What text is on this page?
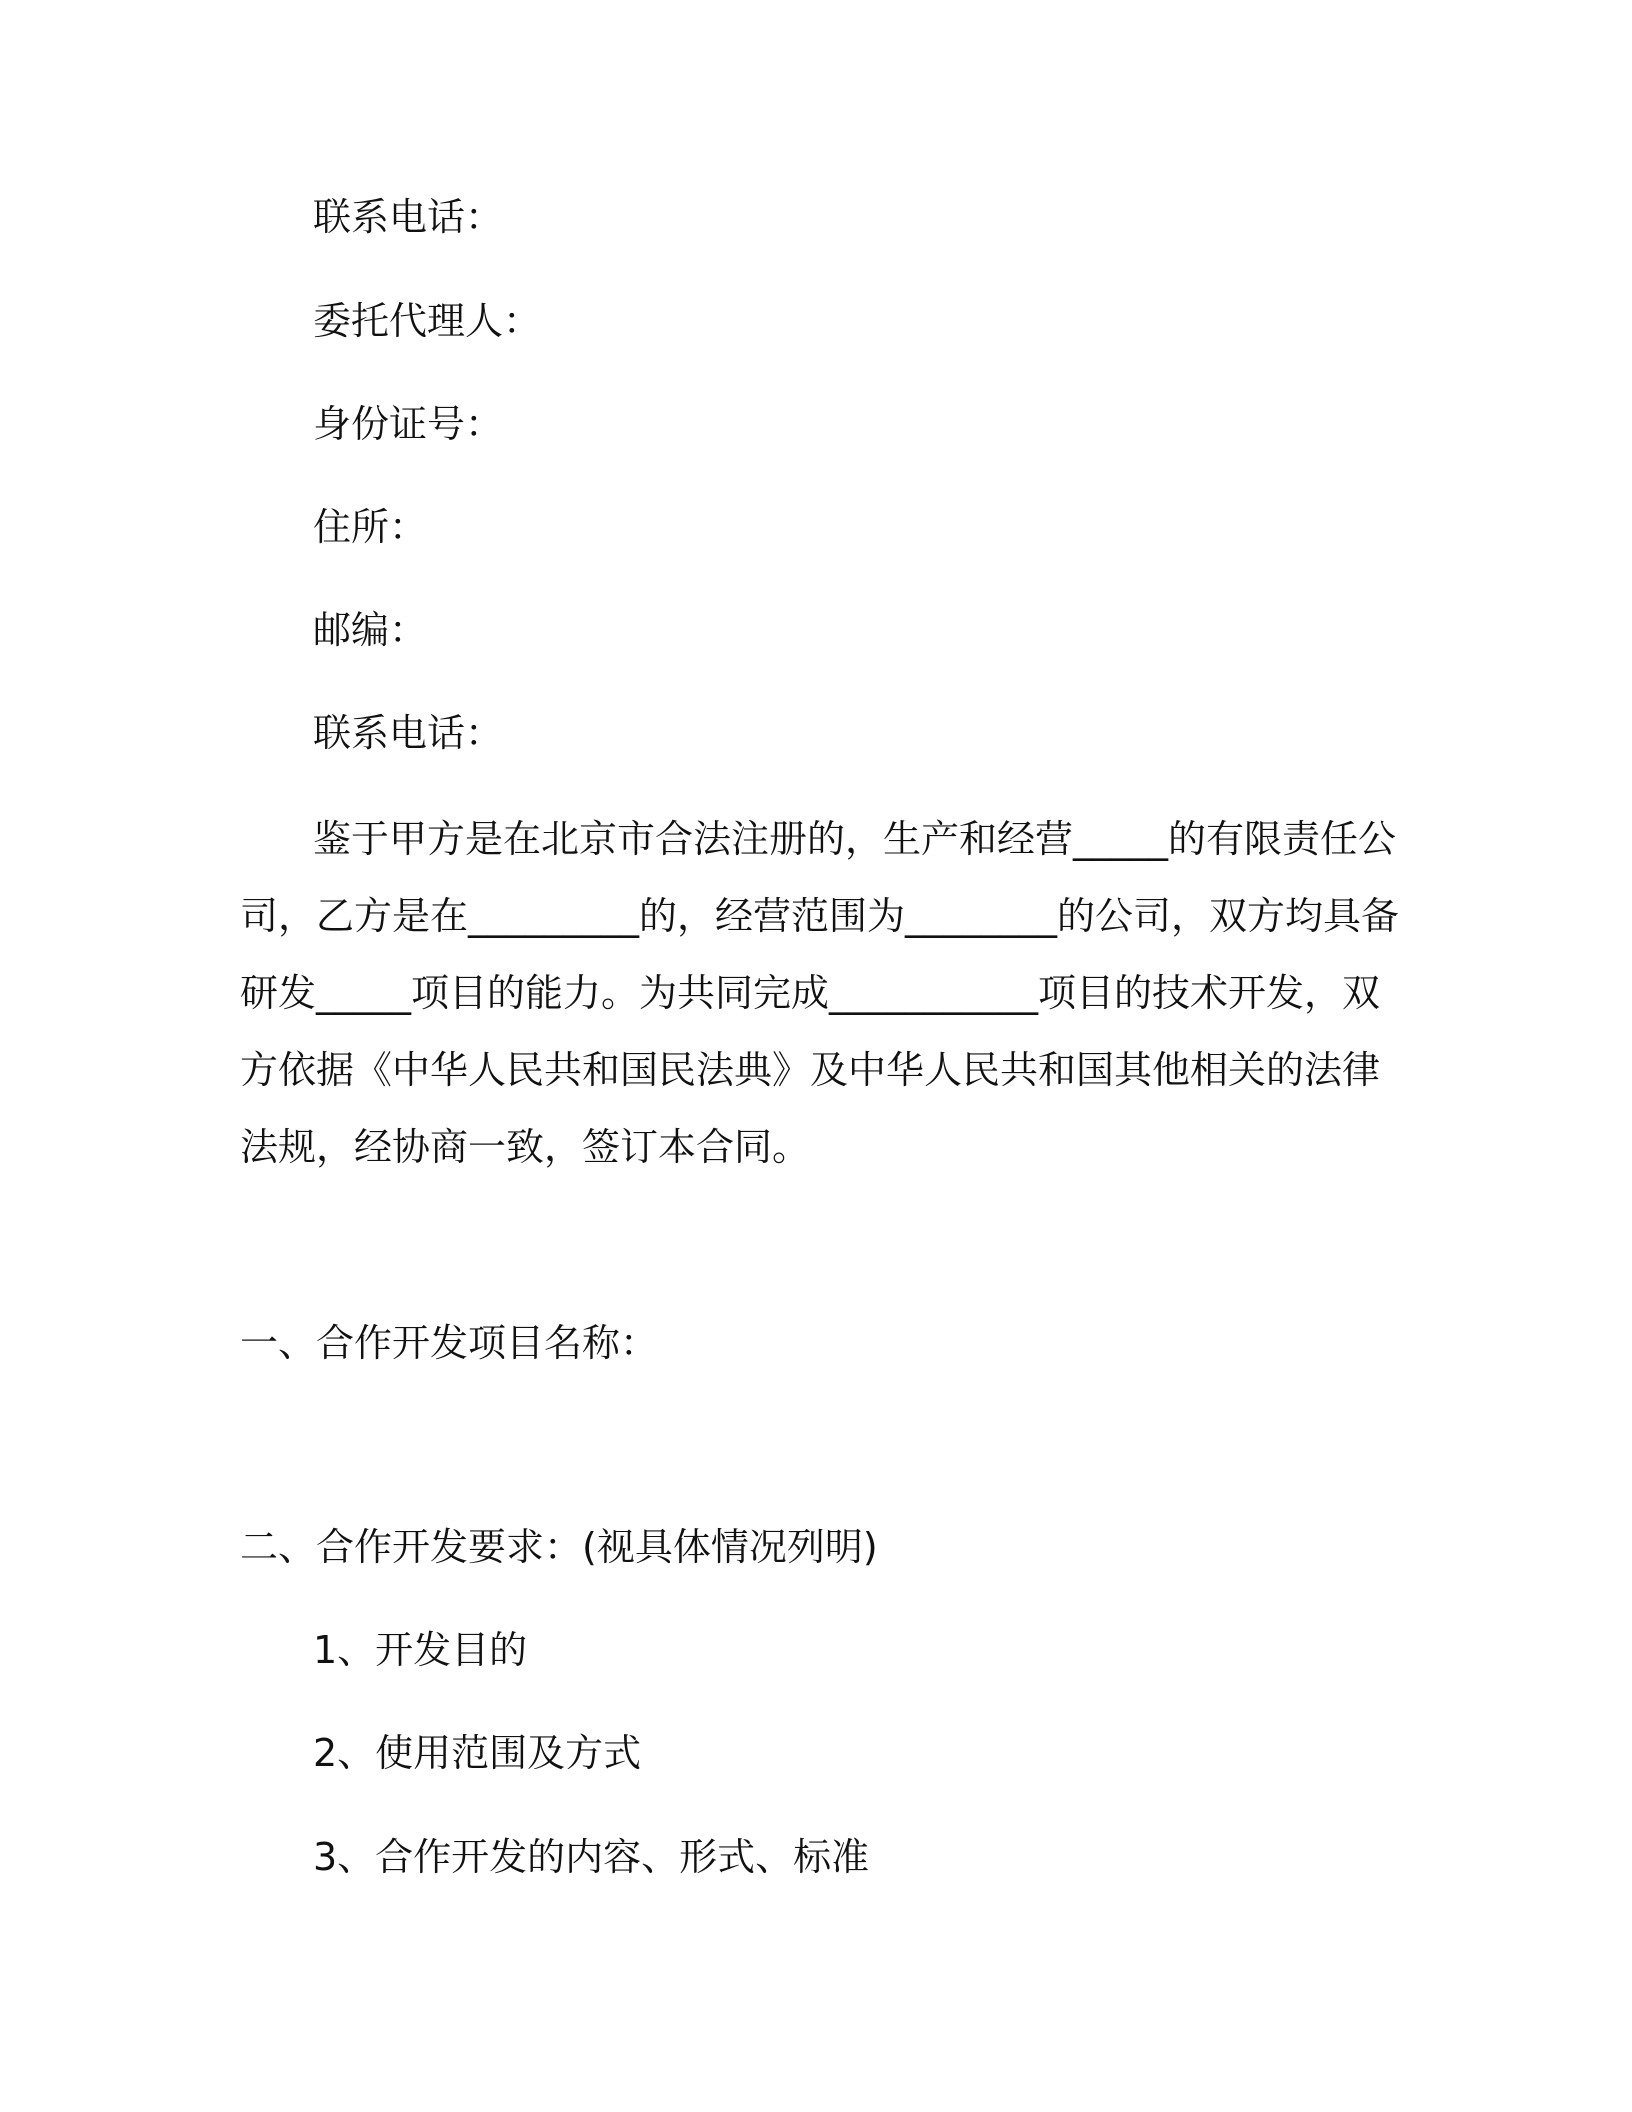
联系电话：
委托代理人：
身份证号：
住所：
邮编：
联系电话：
鉴于甲方是在北京市合法注册的，生产和经营_____的有限责任公
司，乙方是在_________的，经营范围为________的公司，双方均具备
研发_____项目的能力。为共同完成___________项目的技术开发，双
方依据《中华人民共和国民法典》及中华人民共和国其他相关的法律
法规，经协商一致，签订本合同。
一、合作开发项目名称：
二、合作开发要求：(视具体情况列明)
1、开发目的
2、使用范围及方式
3、合作开发的内容、形式、标准
